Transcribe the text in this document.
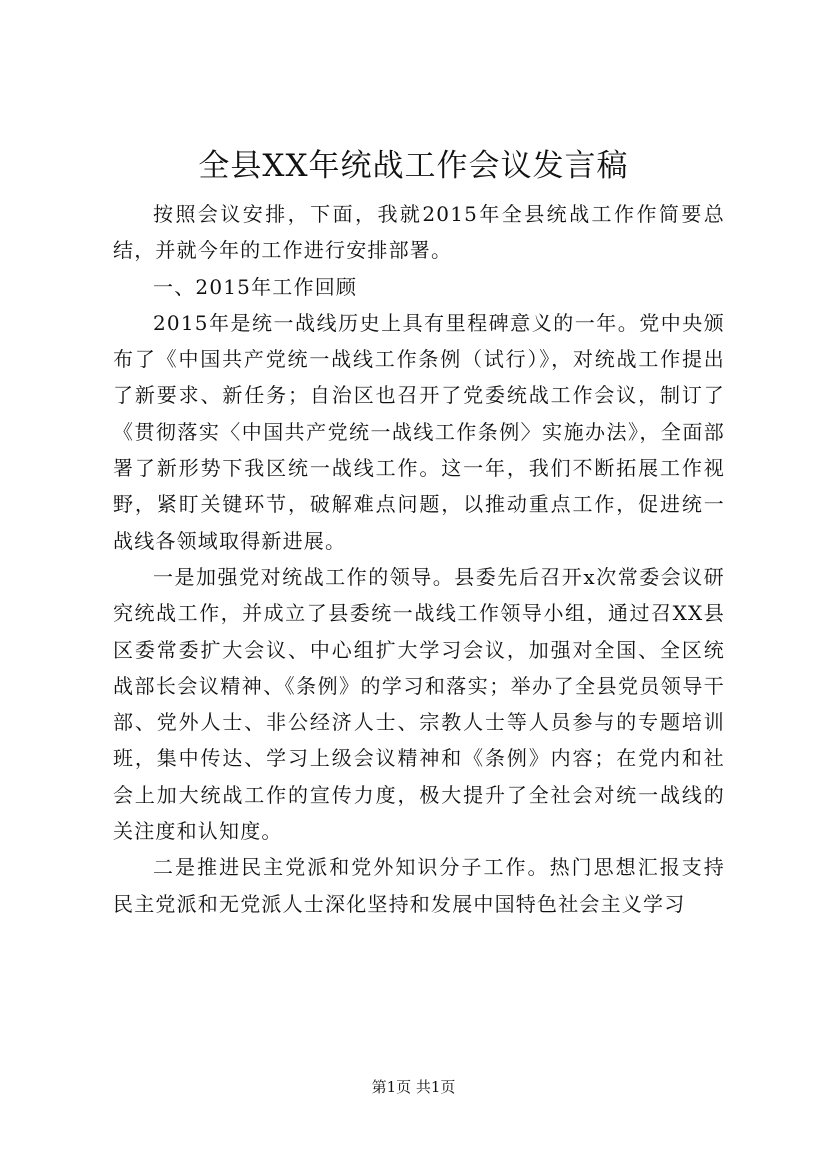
全县XX年统战工作会议发言稿

按照会议安排，下面，我就2015年全县统战工作作简要总结，并就今年的工作进行安排部署。

一、2015年工作回顾

2015年是统一战线历史上具有里程碑意义的一年。党中央颁布了《中国共产党统一战线工作条例（试行）》，对统战工作提出了新要求、新任务；自治区也召开了党委统战工作会议，制订了《贯彻落实〈中国共产党统一战线工作条例〉实施办法》，全面部署了新形势下我区统一战线工作。这一年，我们不断拓展工作视野，紧盯关键环节，破解难点问题，以推动重点工作，促进统一战线各领域取得新进展。

一是加强党对统战工作的领导。县委先后召开x次常委会议研究统战工作，并成立了县委统一战线工作领导小组，通过召XX县区委常委扩大会议、中心组扩大学习会议，加强对全国、全区统战部长会议精神、《条例》的学习和落实；举办了全县党员领导干部、党外人士、非公经济人士、宗教人士等人员参与的专题培训班，集中传达、学习上级会议精神和《条例》内容；在党内和社会上加大统战工作的宣传力度，极大提升了全社会对统一战线的关注度和认知度。

二是推进民主党派和党外知识分子工作。热门思想汇报支持民主党派和无党派人士深化坚持和发展中国特色社会主义学习

第1页 共1页
